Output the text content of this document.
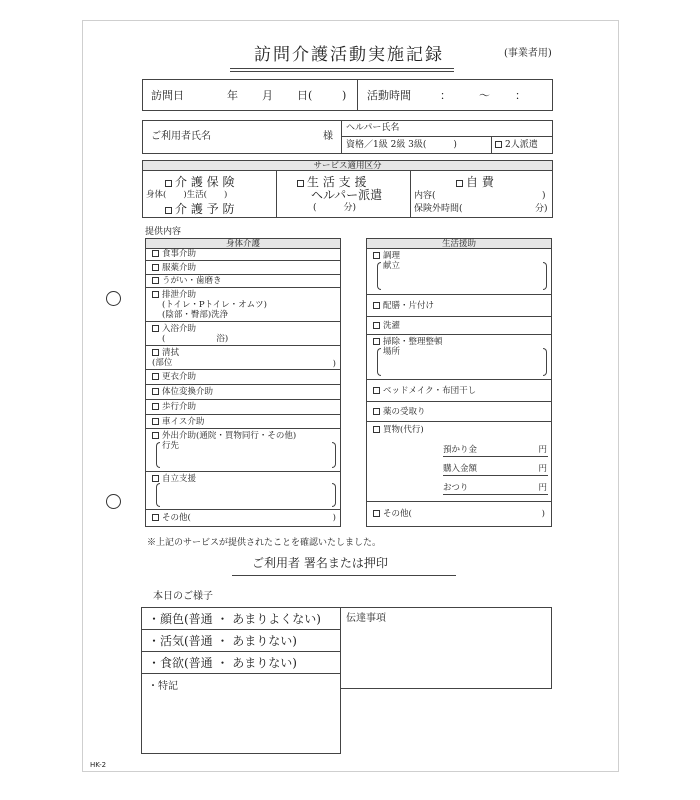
訪問介護活動実施記録	(事業者用)
訪問日	年 月 日(	) 活動時間	：	～ ：
ご利用者氏名	様
ヘルパー氏名
資格／1級 2級 3級(　　　)	2人派遣
サービス適用区分
介 護 保 険
身体(　　)生活(　　)
介 護 予 防
生 活 支 援
ヘルパー派遣
(　　　分)
自 費
内容(	)
保険外時間(	分)
提供内容
身体介護
食事介助
服薬介助
うがい・歯磨き
排泄介助
(トイレ・Pトイレ・オムツ)
(陰部・臀部)洗浄
入浴介助
(　　　　　　浴)
清拭
(部位	)
更衣介助
体位変換介助
歩行介助
車イス介助
外出介助(通院・買物同行・その他)
行先
自立支援
その他(	)
生活援助
調理
献立
配膳・片付け
洗濯
掃除・整理整頓
場所
ベッドメイク・布団干し
薬の受取り
買物(代行)
預かり金	円
購入金額	円
おつり	円
その他(	)
※上記のサービスが提供されたことを確認いたしました。
ご利用者 署名または押印
本日のご様子
・顔色(普通 ・ あまりよくない)
・活気(普通 ・ あまりない)
・食欲(普通 ・ あまりない)
・特記
伝達事項
HK-2
